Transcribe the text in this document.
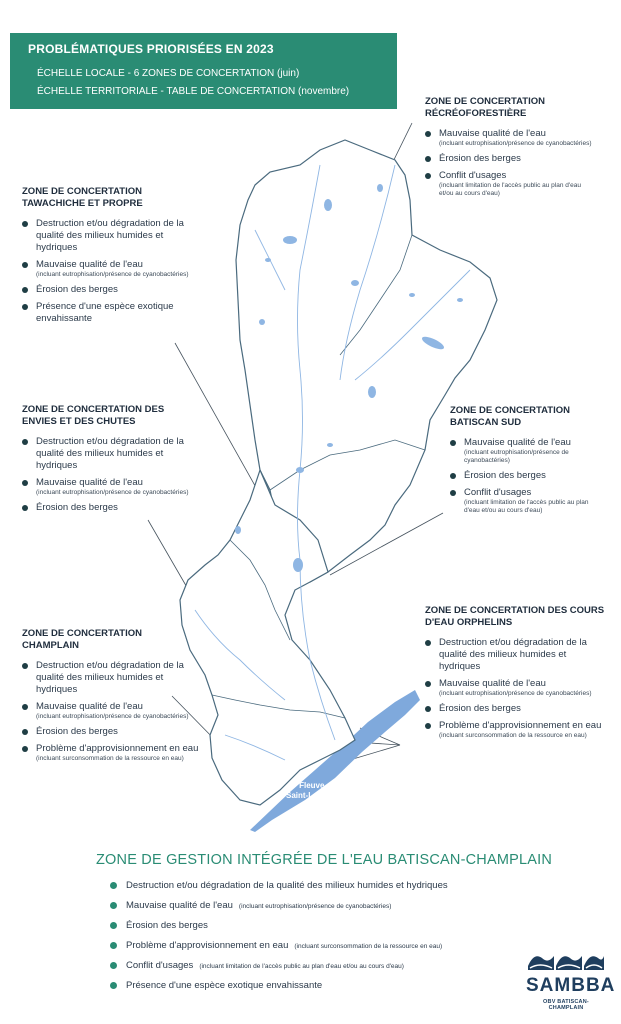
PROBLÉMATIQUES PRIORISÉES EN 2023
ÉCHELLE LOCALE - 6 ZONES DE CONCERTATION (juin)
ÉCHELLE TERRITORIALE - TABLE DE CONCERTATION (novembre)
Fleuve
Saint-Laurent
ZONE DE CONCERTATION RÉCRÉOFORESTIÈRE
Mauvaise qualité de l'eau
(incluant eutrophisation/présence de cyanobactéries)
Érosion des berges
Conflit d'usages
(incluant limitation de l'accès public au plan d'eau et/ou au cours d'eau)
ZONE DE CONCERTATION TAWACHICHE ET PROPRE
Destruction et/ou dégradation de la qualité des milieux humides et hydriques
Mauvaise qualité de l'eau
(incluant eutrophisation/présence de cyanobactéries)
Érosion des berges
Présence d'une espèce exotique envahissante
ZONE DE CONCERTATION DES ENVIES ET DES CHUTES
Destruction et/ou dégradation de la qualité des milieux humides et hydriques
Mauvaise qualité de l'eau
(incluant eutrophisation/présence de cyanobactéries)
Érosion des berges
ZONE DE CONCERTATION BATISCAN SUD
Mauvaise qualité de l'eau
(incluant eutrophisation/présence de cyanobactéries)
Érosion des berges
Conflit d'usages
(incluant limitation de l'accès public au plan d'eau et/ou au cours d'eau)
ZONE DE CONCERTATION CHAMPLAIN
Destruction et/ou dégradation de la qualité des milieux humides et hydriques
Mauvaise qualité de l'eau
(incluant eutrophisation/présence de cyanobactéries)
Érosion des berges
Problème d'approvisionnement en eau
(incluant surconsommation de la ressource en eau)
ZONE DE CONCERTATION DES COURS D'EAU ORPHELINS
Destruction et/ou dégradation de la qualité des milieux humides et hydriques
Mauvaise qualité de l'eau
(incluant eutrophisation/présence de cyanobactéries)
Érosion des berges
Problème d'approvisionnement en eau
(incluant surconsommation de la ressource en eau)
ZONE DE GESTION INTÉGRÉE DE L'EAU BATISCAN-CHAMPLAIN
Destruction et/ou dégradation de la qualité des milieux humides et hydriques
Mauvaise qualité de l'eau (incluant eutrophisation/présence de cyanobactéries)
Érosion des berges
Problème d'approvisionnement en eau (incluant surconsommation de la ressource en eau)
Conflit d'usages (incluant limitation de l'accès public au plan d'eau et/ou au cours d'eau)
Présence d'une espèce exotique envahissante	SAMBBA
OBV BATISCAN-CHAMPLAIN
